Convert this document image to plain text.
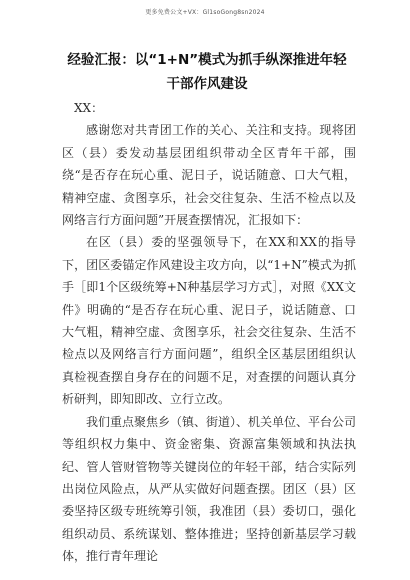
更多免费公文+VX：Gl1soGong8sn2024
经验汇报：以“1+N”模式为抓手纵深推进年轻干部作风建设

XX：

感谢您对共青团工作的关心、关注和支持。现将团区（县）委发动基层团组织带动全区青年干部，围绕“是否存在玩心重、泥日子，说话随意、口大气粗，精神空虚、贪图享乐，社会交往复杂、生活不检点以及网络言行方面问题”开展查摆情况，汇报如下：

在区（县）委的坚强领导下，在XX和XX的指导下，团区委锚定作风建设主攻方向，以“1+N”模式为抓手［即1个区级统筹+N种基层学习方式］，对照《XX文件》明确的“是否存在玩心重、泥日子，说话随意、口大气粗，精神空虚、贪图享乐，社会交往复杂、生活不检点以及网络言行方面问题”，组织全区基层团组织认真检视查摆自身存在的问题不足，对查摆的问题认真分析研判，即知即改、立行立改。

我们重点聚焦乡（镇、街道）、机关单位、平台公司等组织权力集中、资金密集、资源富集领域和执法执纪、管人管财管物等关键岗位的年轻干部，结合实际列出岗位风险点，从严从实做好问题查摆。团区（县）区委坚持区级专班统筹引领，我准团（县）委切口，强化组织动员、系统谋划、整体推进；坚持创新基层学习载体，推行青年理论
